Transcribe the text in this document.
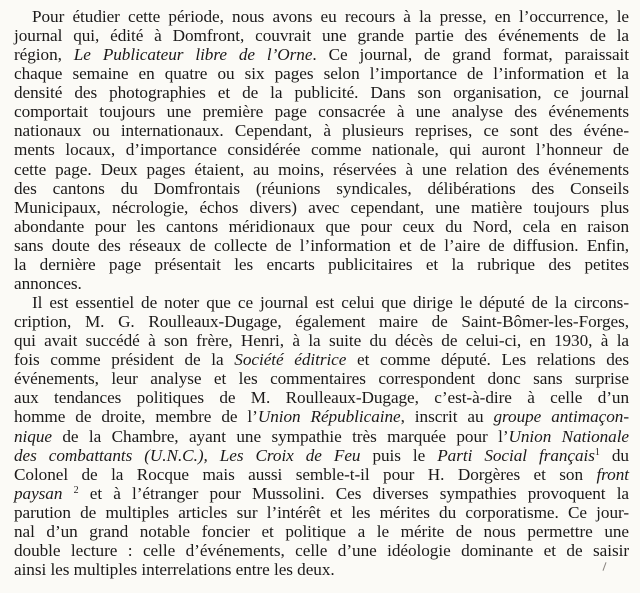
Pour étudier cette période, nous avons eu recours à la presse, en l’occurrence, le
journal qui, édité à Domfront, couvrait une grande partie des événements de la
région, Le Publicateur libre de l’Orne. Ce journal, de grand format, paraissait
chaque semaine en quatre ou six pages selon l’importance de l’information et la
densité des photographies et de la publicité. Dans son organisation, ce journal
comportait toujours une première page consacrée à une analyse des événements
nationaux ou internationaux. Cependant, à plusieurs reprises, ce sont des événe-
ments locaux, d’importance considérée comme nationale, qui auront l’honneur de
cette page. Deux pages étaient, au moins, réservées à une relation des événements
des cantons du Domfrontais (réunions syndicales, délibérations des Conseils
Municipaux, nécrologie, échos divers) avec cependant, une matière toujours plus
abondante pour les cantons méridionaux que pour ceux du Nord, cela en raison
sans doute des réseaux de collecte de l’information et de l’aire de diffusion. Enfin,
la dernière page présentait les encarts publicitaires et la rubrique des petites
annonces.
Il est essentiel de noter que ce journal est celui que dirige le député de la circons-
cription, M. G. Roulleaux-Dugage, également maire de Saint-Bômer-les-Forges,
qui avait succédé à son frère, Henri, à la suite du décès de celui-ci, en 1930, à la
fois comme président de la Société éditrice et comme député. Les relations des
événements, leur analyse et les commentaires correspondent donc sans surprise
aux tendances politiques de M. Roulleaux-Dugage, c’est-à-dire à celle d’un
homme de droite, membre de l’Union Républicaine, inscrit au groupe antimaçon-
nique de la Chambre, ayant une sympathie très marquée pour l’Union Nationale
des combattants (U.N.C.), Les Croix de Feu puis le Parti Social français$^1$ du
Colonel de la Rocque mais aussi semble-t-il pour H. Dorgères et son front
paysan $^2$ et à l’étranger pour Mussolini. Ces diverses sympathies provoquent la
parution de multiples articles sur l’intérêt et les mérites du corporatisme. Ce jour-
nal d’un grand notable foncier et politique a le mérite de nous permettre une
double lecture : celle d’événements, celle d’une idéologie dominante et de saisir
ainsi les multiples interrelations entre les deux.
